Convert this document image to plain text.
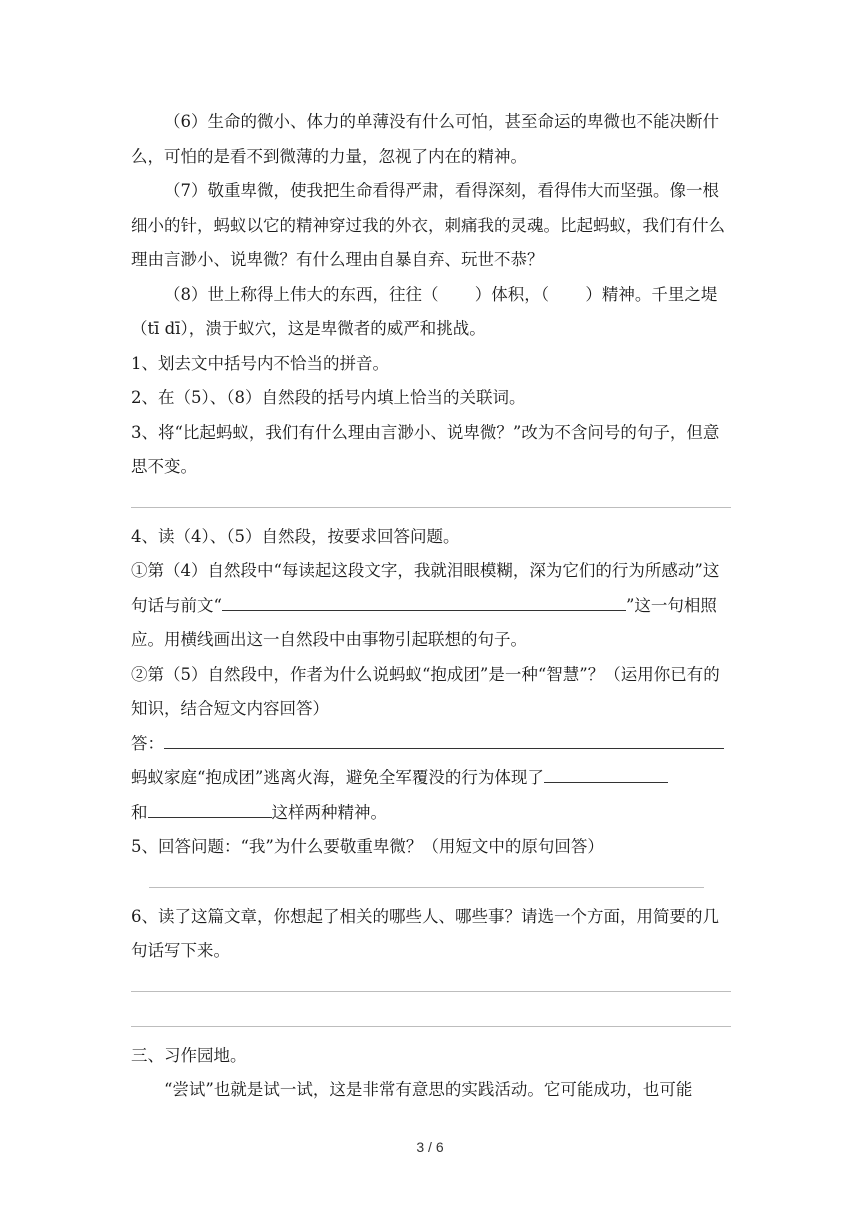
（6）生命的微小、体力的单薄没有什么可怕，甚至命运的卑微也不能决断什么，可怕的是看不到微薄的力量，忽视了内在的精神。

（7）敬重卑微，使我把生命看得严肃，看得深刻，看得伟大而坚强。像一根细小的针，蚂蚁以它的精神穿过我的外衣，刺痛我的灵魂。比起蚂蚁，我们有什么理由言渺小、说卑微？有什么理由自暴自弃、玩世不恭？

（8）世上称得上伟大的东西，往往（ ）体积，（ ）精神。千里之堤（tī dī），溃于蚁穴，这是卑微者的威严和挑战。

1、划去文中括号内不恰当的拼音。

2、在（5）、（8）自然段的括号内填上恰当的关联词。

3、将“比起蚂蚁，我们有什么理由言渺小、说卑微？”改为不含问号的句子，但意思不变。

4、读（4）、（5）自然段，按要求回答问题。

①第（4）自然段中“每读起这段文字，我就泪眼模糊，深为它们的行为所感动”这句话与前文“	”这一句相照应。用横线画出这一自然段中由事物引起联想的句子。

②第（5）自然段中，作者为什么说蚂蚁“抱成团”是一种“智慧”？（运用你已有的知识，结合短文内容回答）

答：

蚂蚁家庭“抱成团”逃离火海，避免全军覆没的行为体现了
和	这样两种精神。

5、回答问题：“我”为什么要敬重卑微？（用短文中的原句回答）

6、读了这篇文章，你想起了相关的哪些人、哪些事？请选一个方面，用简要的几句话写下来。

三、习作园地。

“尝试”也就是试一试，这是非常有意思的实践活动。它可能成功，也可能

3 / 6
